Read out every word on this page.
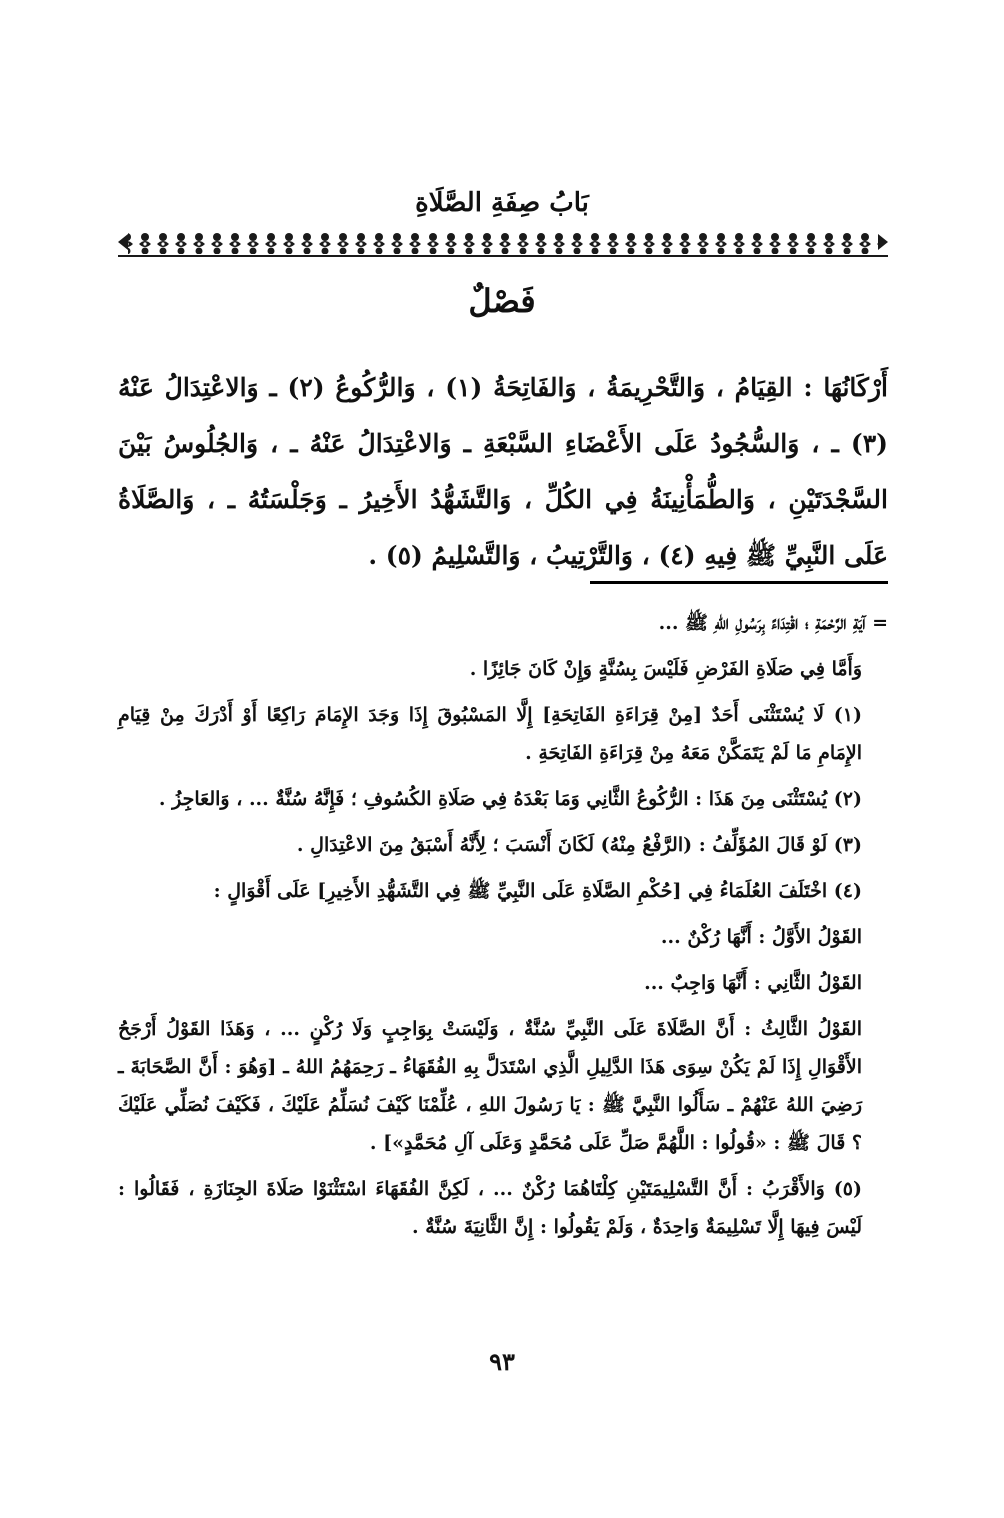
بَابُ صِفَةِ الصَّلَاةِ
فَصْلٌ
أَرْكَانُهَا : القِيَامُ ، وَالتَّحْرِيمَةُ ، وَالفَاتِحَةُ (١) ، وَالرُّكُوعُ (٢) ـ وَالاعْتِدَالُ عَنْهُ (٣) ـ ، وَالسُّجُودُ عَلَى الأَعْضَاءِ السَّبْعَةِ ـ وَالاعْتِدَالُ عَنْهُ ـ ، وَالجُلُوسُ بَيْنَ السَّجْدَتَيْنِ ، وَالطُّمَأْنِينَةُ فِي الكُلِّ ، وَالتَّشَهُّدُ الأَخِيرُ ـ وَجَلْسَتُهُ ـ ، وَالصَّلَاةُ عَلَى النَّبِيِّ ﷺ فِيهِ (٤) ، وَالتَّرْتِيبُ ، وَالتَّسْلِيمُ (٥) .

= آيَةِ الرَّحْمَةِ ؛ اقْتِدَاءً بِرَسُولِ اللهِ ﷺ ...

وَأَمَّا فِي صَلَاةِ الفَرْضِ فَلَيْسَ بِسُنَّةٍ وَإِنْ كَانَ جَائِزًا .

(١) لَا يُسْتَثْنَى أَحَدٌ [مِنْ قِرَاءَةِ الفَاتِحَةِ] إِلَّا المَسْبُوقَ إِذَا وَجَدَ الإِمَامَ رَاكِعًا أَوْ أَدْرَكَ مِنْ قِيَامِ الإِمَامِ مَا لَمْ يَتَمَكَّنْ مَعَهُ مِنْ قِرَاءَةِ الفَاتِحَةِ .

(٢) يُسْتَثْنَى مِنَ هَذَا : الرُّكُوعُ الثَّانِي وَمَا بَعْدَهُ فِي صَلَاةِ الكُسُوفِ ؛ فَإِنَّهُ سُنَّةٌ ... ، وَالعَاجِزُ .

(٣) لَوْ قَالَ المُؤَلِّفُ : (الرَّفْعُ مِنْهُ) لَكَانَ أَنْسَبَ ؛ لِأَنَّهُ أَسْبَقُ مِنَ الاعْتِدَالِ .

(٤) اخْتَلَفَ العُلَمَاءُ فِي [حُكْمِ الصَّلَاةِ عَلَى النَّبِيِّ ﷺ فِي التَّشَهُّدِ الأَخِيرِ] عَلَى أَقْوَالٍ :

القَوْلُ الأَوَّلُ : أَنَّهَا رُكْنٌ ...

القَوْلُ الثَّانِي : أَنَّهَا وَاجِبٌ ...

القَوْلُ الثَّالِثُ : أَنَّ الصَّلَاةَ عَلَى النَّبِيِّ سُنَّةٌ ، وَلَيْسَتْ بِوَاجِبٍ وَلَا رُكْنٍ ... ، وَهَذَا القَوْلُ أَرْجَحُ الأَقْوَالِ إِذَا لَمْ يَكُنْ سِوَى هَذَا الدَّلِيلِ الَّذِي اسْتَدَلَّ بِهِ الفُقَهَاءُ ـ رَحِمَهُمُ اللهُ ـ [وَهُوَ : أَنَّ الصَّحَابَةَ ـ رَضِيَ اللهُ عَنْهُمْ ـ سَأَلُوا النَّبِيَّ ﷺ : يَا رَسُولَ اللهِ ، عُلِّمْنَا كَيْفَ نُسَلِّمُ عَلَيْكَ ، فَكَيْفَ نُصَلِّي عَلَيْكَ ؟ قَالَ ﷺ : «قُولُوا : اللَّهُمَّ صَلِّ عَلَى مُحَمَّدٍ وَعَلَى آلِ مُحَمَّدٍ»] .

(٥) وَالأَقْرَبُ : أَنَّ التَّسْلِيمَتَيْنِ كِلْتَاهُمَا رُكْنٌ ... ، لَكِنَّ الفُقَهَاءَ اسْتَثْنَوْا صَلَاةَ الجِنَازَةِ ، فَقَالُوا : لَيْسَ فِيهَا إِلَّا تَسْلِيمَةٌ وَاحِدَةٌ ، وَلَمْ يَقُولُوا : إِنَّ الثَّانِيَةَ سُنَّةٌ .

٩٣
